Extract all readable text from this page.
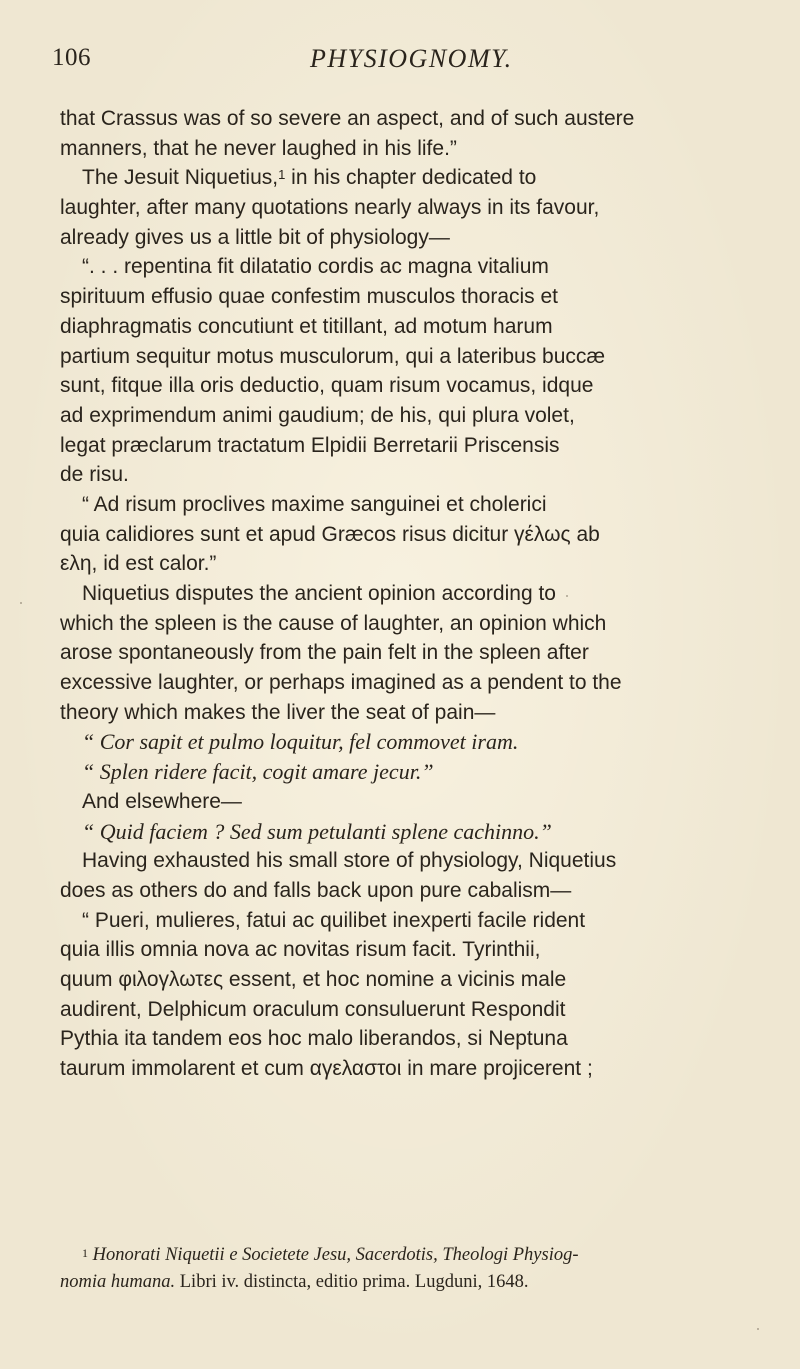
106	PHYSIOGNOMY.
that Crassus was of so severe an aspect, and of such austere
manners, that he never laughed in his life.”
The Jesuit Niquetius,$^1$ in his chapter dedicated to
laughter, after many quotations nearly always in its favour,
already gives us a little bit of physiology—
“. . . repentina fit dilatatio cordis ac magna vitalium
spirituum effusio quae confestim musculos thoracis et
diaphragmatis concutiunt et titillant, ad motum harum
partium sequitur motus musculorum, qui a lateribus buccæ
sunt, fitque illa oris deductio, quam risum vocamus, idque
ad exprimendum animi gaudium; de his, qui plura volet,
legat præclarum tractatum Elpidii Berretarii Priscensis
de risu.
“ Ad risum proclives maxime sanguinei et cholerici
quia calidiores sunt et apud Græcos risus dicitur γέλως ab
ελη, id est calor.”
Niquetius disputes the ancient opinion according to
which the spleen is the cause of laughter, an opinion which
arose spontaneously from the pain felt in the spleen after
excessive laughter, or perhaps imagined as a pendent to the
theory which makes the liver the seat of pain—
“ Cor sapit et pulmo loquitur, fel commovet iram.
“ Splen ridere facit, cogit amare jecur.”
And elsewhere—
“ Quid faciem ? Sed sum petulanti splene cachinno.”
Having exhausted his small store of physiology, Niquetius
does as others do and falls back upon pure cabalism—
“ Pueri, mulieres, fatui ac quilibet inexperti facile rident
quia illis omnia nova ac novitas risum facit. Tyrinthii,
quum φιλογλωτες essent, et hoc nomine a vicinis male
audirent, Delphicum oraculum consuluerunt Respondit
Pythia ita tandem eos hoc malo liberandos, si Neptuna
taurum immolarent et cum αγελαστοι in mare projicerent ;
$^1$ Honorati Niquetii e Societete Jesu, Sacerdotis, Theologi Physiog-
nomia humana. Libri iv. distincta, editio prima. Lugduni, 1648.
